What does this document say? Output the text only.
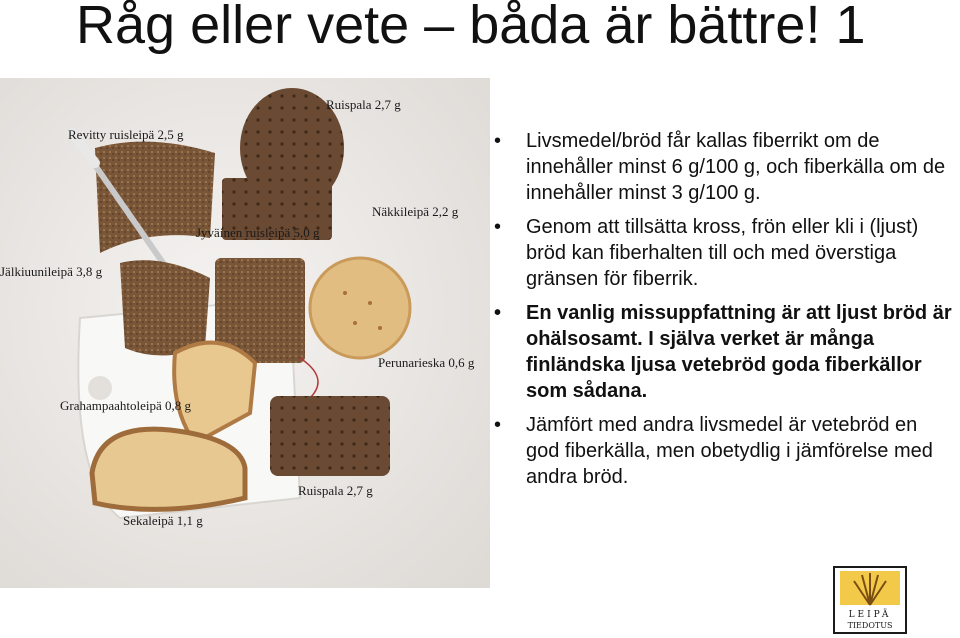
Råg eller vete – båda är bättre! 1
Ruispala 2,7 g
Revitty ruisleipä 2,5 g
Näkkileipä 2,2 g
Jyväinen ruisleipä 5,0 g
Jälkiuunileipä 3,8 g
Perunarieska 0,6 g
Grahampaahtoleipä 0,8 g
Ruispala 2,7 g
Sekaleipä 1,1 g
• Livsmedel/bröd får kallas fiberrikt om de innehåller minst 6 g/100 g, och fiberkälla om de innehåller minst 3 g/100 g.
• Genom att tillsätta kross, frön eller kli i (ljust) bröd kan fiberhalten till och med överstiga gränsen för fiberrik.
• En vanlig missuppfattning är att ljust bröd är ohälsosamt. I själva verket är många finländska ljusa vetebröd goda fiberkällor som sådana.
• Jämfört med andra livsmedel är vetebröd en god fiberkälla, men obetydlig i jämförelse med andra bröd.
LEIPÄ
TIEDOTUS
